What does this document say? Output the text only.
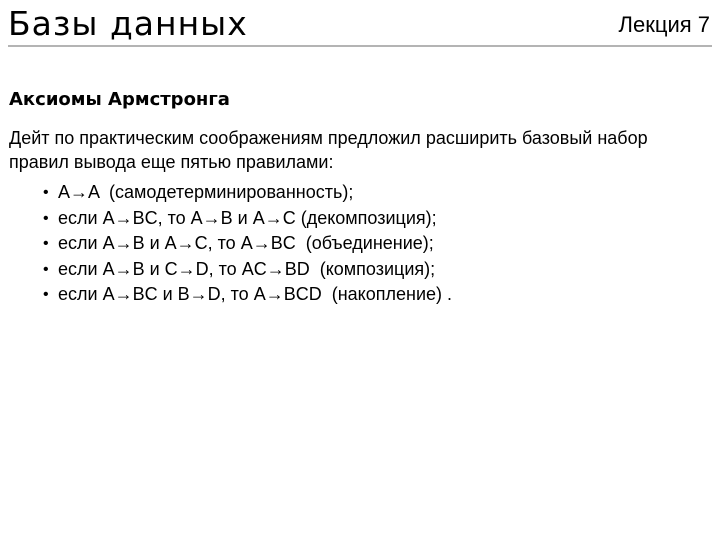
Базы данных	Лекция 7
Аксиомы Армстронга

Дейт по практическим соображениям предложил расширить базовый набор правил вывода еще пятью правилами:

• A→A  (самодетерминированность);
• если A→BC, то A→B и A→C (декомпозиция);
• если A→B и A→C, то A→BC  (объединение);
• если A→B и C→D, то AC→BD  (композиция);
• если A→BC и B→D, то A→BCD  (накопление) .
